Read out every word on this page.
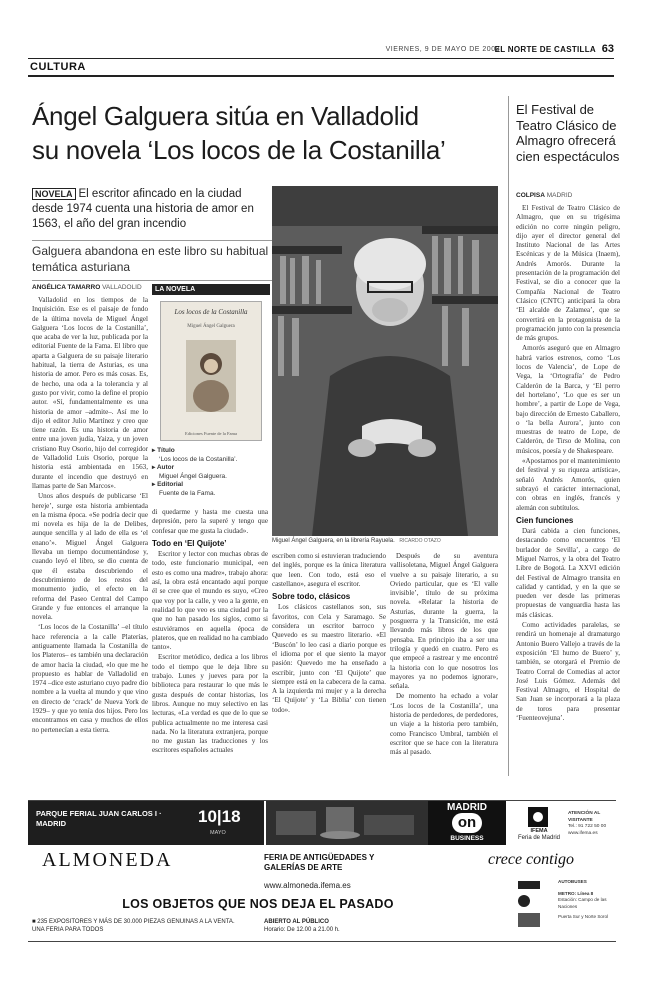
VIERNES, 9 DE MAYO DE 2003
EL NORTE DE CASTILLA 63
CULTURA
Ángel Galguera sitúa en Valladolid
su novela ‘Los locos de la Costanilla’
NOVELA El escritor afincado en la ciudad desde 1974 cuenta una historia de amor en 1563, el año del gran incendio
Galguera abandona en este libro su habitual temática asturiana
ANGÉLICA TAMARRO VALLADOLID

Valladolid en los tiempos de la Inquisición. Ese es el paisaje de fondo de la última novela de Miguel Ángel Galguera ‘Los locos de la Costanilla’, que acaba de ver la luz, publicada por la editorial Fuente de la Fama. El libro que aparta a Galguera de su paisaje literario habitual, la tierra de Asturias, es una historia de amor. Pero es más cosas. Es, de hecho, una oda a la tolerancia y al gusto por vivir, como la define el propio autor. «Sí, fundamentalmente es una historia de amor –admite–. Así me lo dijo el editor Julio Martínez y creo que tiene razón. Es una historia de amor entre una joven judía, Yaiza, y un joven cristiano Ruy Osorio, hijo del corregidor de Valladolid Luis Osorio, porque la historia está ambientada en 1563, durante el incendio que destruyó en llamas parte de San Marcos».

Unos años después de publicarse ‘El hereje’, surge esta historia ambientada en la misma época. «Se podría decir que mi novela es hija de la de Delibes, aunque sencilla y al lado de ella es ‘el enano’». Miguel Ángel Galguera llevaba un tiempo documentándose y, cuando leyó el libro, se dio cuenta de que él estaba descubriendo el descubrimiento de los restos del monumento judío, el efecto en la reforma del Paseo Central del Campo Grande y fue entonces el arranque la novela.

‘Los locos de la Costanilla’ –el título hace referencia a la calle Platerías, antiguamente llamada la Costanilla de los Plateros– es también una declaración de amor hacia la ciudad, «lo que me he propuesto es hablar de Valladolid en 1974 –dice este asturiano cuyo padre dio nombre a la vuelta al mundo y que vino en directo de ‘crack’ de Nueva York de 1929– y que yo tenía dos hijos. Pero los encontramos en casa y muchos de ellos no pertenecían a esta tierra.

LA NOVELA
Los locos de la Costanilla
Miguel Ángel Galguera
Ediciones Fuente de la Fama
▸ Título
‘Los locos de la Costanilla’.
▸ Autor
Miguel Ángel Galguera.
▸ Editorial
Fuente de la Fama.

di quedarme y hasta me cuesta una depresión, pero la superé y tengo que confesar que me gusta la ciudad».

Todo en ‘El Quijote’

Escritor y lector con muchas obras de todo, este funcionario municipal, «en esto es como una madre», trabajo ahora: así, la obra está encantado aquí porque él se cree que el mundo es suyo, «Creo que voy por la calle, y veo a la gente, en realidad lo que veo es una ciudad por la que no han pasado los siglos, como si estuviéramos en aquella época de plateros, que en realidad no ha cambiado tanto».

Escritor metódico, dedica a los libros todo el tiempo que le deja libre su trabajo. Lunes y jueves para por la biblioteca para restaurar lo que más le gusta después de contar historias, los libros. Aunque no muy selectivo en las lecturas, «La verdad es que de lo que se publica actualmente no me interesa casi nada. No la literatura extranjera, porque no me gustan las traducciones y los escritores españoles actuales

Miguel Ángel Galguera, en la librería Rayuela. RICARDO OTAZO

escriben como si estuvieran traduciendo del inglés, porque es la única literatura que leen. Con todo, está eso el castellano», asegura el escritor.

Sobre todo, clásicos

Los clásicos castellanos son, sus favoritos, con Cela y Saramago. Se considera un escritor barroco y Quevedo es su maestro literario. «El ‘Buscón’ lo leo casi a diario porque es el idioma por el que siento la mayor pasión: Quevedo me ha enseñado a escribir, junto con ‘El Quijote’ que siempre está en la cabecera de la cama. A la izquierda mi mujer y a la derecha ‘El Quijote’ y ‘La Biblia’ con tienen todo».

Después de su aventura vallisoletana, Miguel Ángel Galguera vuelve a su paisaje literario, a su Oviedo particular, que es ‘El valle invisible’, título de su próxima novela. «Relatar la historia de Asturias, durante la guerra, la posguerra y la Transición, me está llevando más libros de los que pensaba. En principio iba a ser una trilogía y quedó en cuatro. Pero es que empecé a rastrear y me encontré la historia con lo que nosotros los mayores ya no podemos ignorar», señala.

De momento ha echado a volar ‘Los locos de la Costanilla’, una historia de perdedores, de perdedores, un viaje a la historia pero también, como Francisco Umbral, también el escritor que se hace con la literatura más al pasado.

El Festival de Teatro Clásico de Almagro ofrecerá cien espectáculos
COLPISA MADRID

El Festival de Teatro Clásico de Almagro, que en su trigésima edición no corre ningún peligro, dijo ayer el director general del Instituto Nacional de las Artes Escénicas y de la Música (Inaem), Andrés Amorós. Durante la presentación de la programación del Festival, se dio a conocer que la Compañía Nacional de Teatro Clásico (CNTC) anticipará la obra ‘El alcalde de Zalamea’, que se convertirá en la protagonista de la programación junto con la presencia de más grupos.

Amorós aseguró que en Almagro habrá varios estrenos, como ‘Los locos de Valencia’, de Lope de Vega, la ‘Ortografía’ de Pedro Calderón de la Barca, y ‘El perro del hortelano’, ‘Lo que es ser un hombre’, a partir de Lope de Vega, bajo dirección de Ernesto Caballero, o ‘la bella Aurora’, junto con muestras de teatro de Lope, de Calderón, de Tirso de Molina, con músicos, poesía y de Shakespeare.

«Apostamos por el mantenimiento del festival y su riqueza artística», señaló Andrés Amorós, quien subrayó el carácter internacional, con obras en inglés, francés y alemán con subtítulos.

Cien funciones

Dará cabida a cien funciones, destacando como encuentros ‘El burlador de Sevilla’, a cargo de Miguel Narros, y la obra del Teatro Libre de Bogotá. La XXVI edición del Festival de Almagro transita en calidad y cantidad, y en la que se pueden ver desde las primeras propuestas de vanguardia hasta las más clásicas.

Como actividades paralelas, se rendirá un homenaje al dramaturgo Antonio Buero Vallejo a través de la exposición ‘El humo de Buero’ y, también, se otorgará el Premio de Teatro Corral de Comedias al actor José Luis Gómez. Además del Festival Almagro, el Hospital de San Juan se incorporará a la plaza de toros para presentar ‘Fuenteovejuna’.

PARQUE FERIAL JUAN CARLOS I · MADRID	10|18
MAYO
ALMONEDA
MADRID
on
BUSINESS
FERIA DE ANTIGÜEDADES Y GALERÍAS DE ARTE
www.almoneda.ifema.es
IFEMA
Feria de Madrid
ATENCIÓN AL VISITANTE
Tel.: 91 722 50 00
www.ifema.es
crece contigo
LOS OBJETOS QUE NOS DEJA EL PASADO
■ 235 EXPOSITORES Y MÁS DE 30.000 PIEZAS GENUINAS A LA VENTA. UNA FERIA PARA TODOS
ABIERTO AL PÚBLICO
Horario: De 12.00 a 21.00 h.
AUTOBUSES
METRO: Línea 8
Estación: Campo de las Naciones
Puerta Sur y Norte Sorol
